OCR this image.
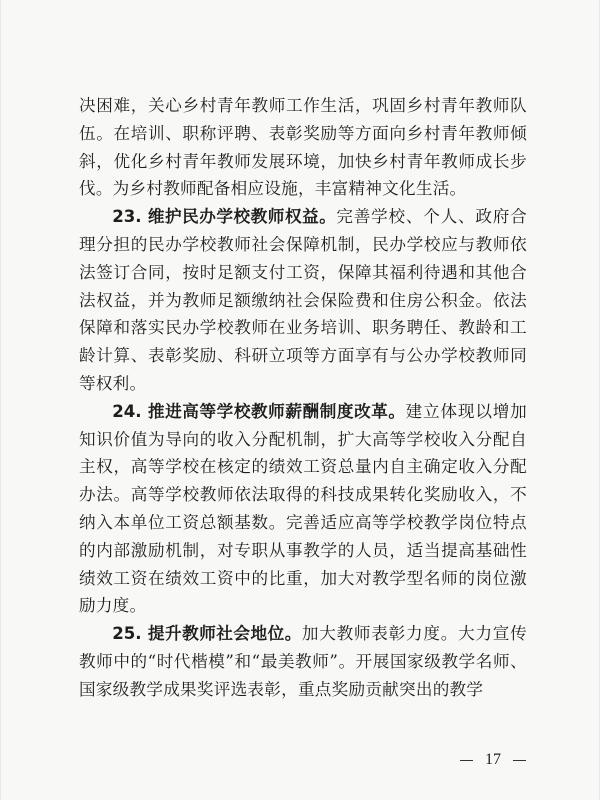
决困难，关心乡村青年教师工作生活，巩固乡村青年教师队伍。在培训、职称评聘、表彰奖励等方面向乡村青年教师倾斜，优化乡村青年教师发展环境，加快乡村青年教师成长步伐。为乡村教师配备相应设施，丰富精神文化生活。

23. 维护民办学校教师权益。完善学校、个人、政府合理分担的民办学校教师社会保障机制，民办学校应与教师依法签订合同，按时足额支付工资，保障其福利待遇和其他合法权益，并为教师足额缴纳社会保险费和住房公积金。依法保障和落实民办学校教师在业务培训、职务聘任、教龄和工龄计算、表彰奖励、科研立项等方面享有与公办学校教师同等权利。

24. 推进高等学校教师薪酬制度改革。建立体现以增加知识价值为导向的收入分配机制，扩大高等学校收入分配自主权，高等学校在核定的绩效工资总量内自主确定收入分配办法。高等学校教师依法取得的科技成果转化奖励收入，不纳入本单位工资总额基数。完善适应高等学校教学岗位特点的内部激励机制，对专职从事教学的人员，适当提高基础性绩效工资在绩效工资中的比重，加大对教学型名师的岗位激励力度。

25. 提升教师社会地位。加大教师表彰力度。大力宣传教师中的“时代楷模”和“最美教师”。开展国家级教学名师、国家级教学成果奖评选表彰，重点奖励贡献突出的教学

17
